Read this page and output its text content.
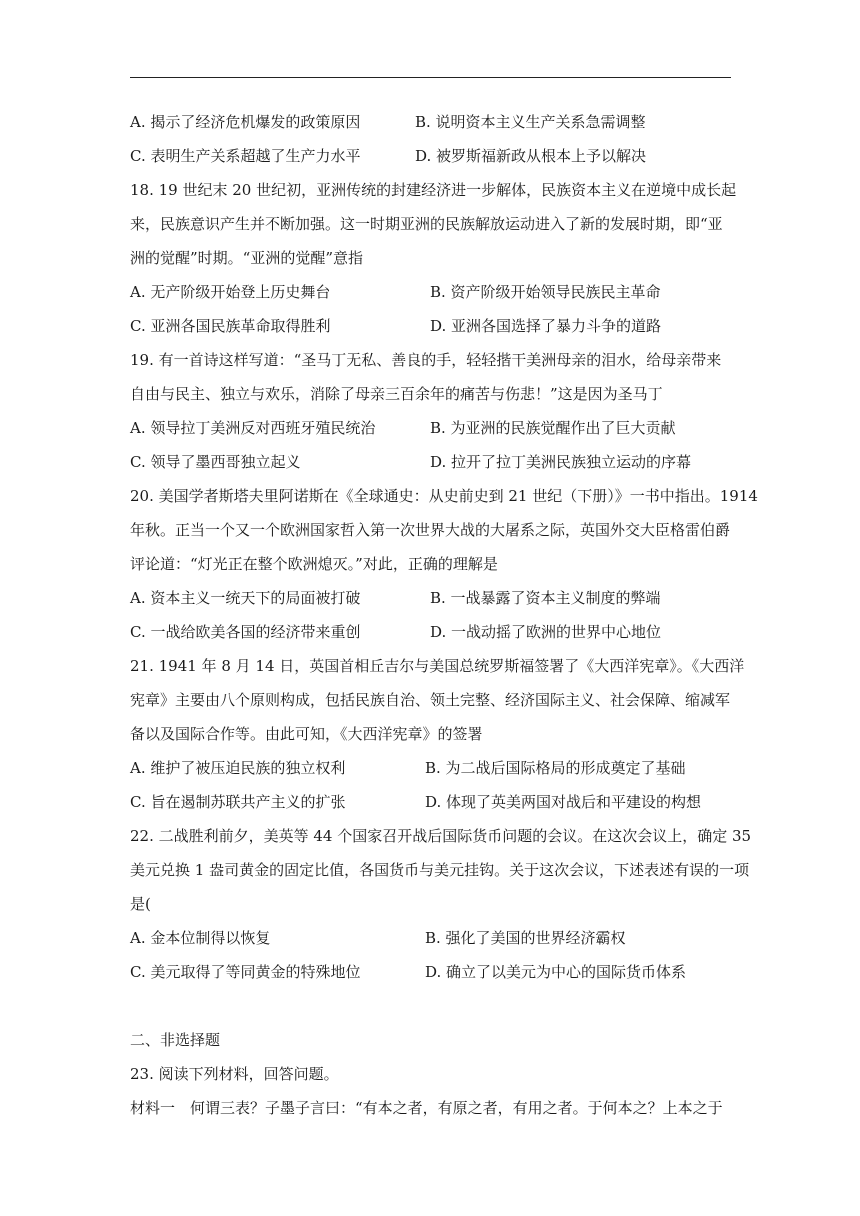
A. 揭示了经济危机爆发的政策原因	B. 说明资本主义生产关系急需调整
C. 表明生产关系超越了生产力水平	D. 被罗斯福新政从根本上予以解决
18. 19 世纪末 20 世纪初，亚洲传统的封建经济进一步解体，民族资本主义在逆境中成长起
来，民族意识产生并不断加强。这一时期亚洲的民族解放运动进入了新的发展时期，即“亚
洲的觉醒”时期。“亚洲的觉醒”意指
A. 无产阶级开始登上历史舞台	B. 资产阶级开始领导民族民主革命
C. 亚洲各国民族革命取得胜利	D. 亚洲各国选择了暴力斗争的道路
19. 有一首诗这样写道：“圣马丁无私、善良的手，轻轻揩干美洲母亲的泪水，给母亲带来
自由与民主、独立与欢乐，消除了母亲三百余年的痛苦与伤悲！”这是因为圣马丁
A. 领导拉丁美洲反对西班牙殖民统治	B. 为亚洲的民族觉醒作出了巨大贡献
C. 领导了墨西哥独立起义	D. 拉开了拉丁美洲民族独立运动的序幕
20. 美国学者斯塔夫里阿诺斯在《全球通史：从史前史到 21 世纪（下册）》一书中指出。1914
年秋。正当一个又一个欧洲国家哲入第一次世界大战的大屠系之际，英国外交大臣格雷伯爵
评论道：“灯光正在整个欧洲熄灭。”对此，正确的理解是
A. 资本主义一统天下的局面被打破	B. 一战暴露了资本主义制度的弊端
C. 一战给欧美各国的经济带来重创	D. 一战动摇了欧洲的世界中心地位
21. 1941 年 8 月 14 日，英国首相丘吉尔与美国总统罗斯福签署了《大西洋宪章》。《大西洋
宪章》主要由八个原则构成，包括民族自治、领土完整、经济国际主义、社会保障、缩减军
备以及国际合作等。由此可知，《大西洋宪章》的签署
A. 维护了被压迫民族的独立权利	B. 为二战后国际格局的形成奠定了基础
C. 旨在遏制苏联共产主义的扩张	D. 体现了英美两国对战后和平建设的构想
22. 二战胜利前夕，美英等 44 个国家召开战后国际货币问题的会议。在这次会议上，确定 35
美元兑换 1 盎司黄金的固定比值，各国货币与美元挂钩。关于这次会议，下述表述有误的一项
是(
A. 金本位制得以恢复	B. 强化了美国的世界经济霸权
C. 美元取得了等同黄金的特殊地位	D. 确立了以美元为中心的国际货币体系
二、非选择题
23. 阅读下列材料，回答问题。
材料一　何谓三表？子墨子言曰：“有本之者，有原之者，有用之者。于何本之？上本之于
